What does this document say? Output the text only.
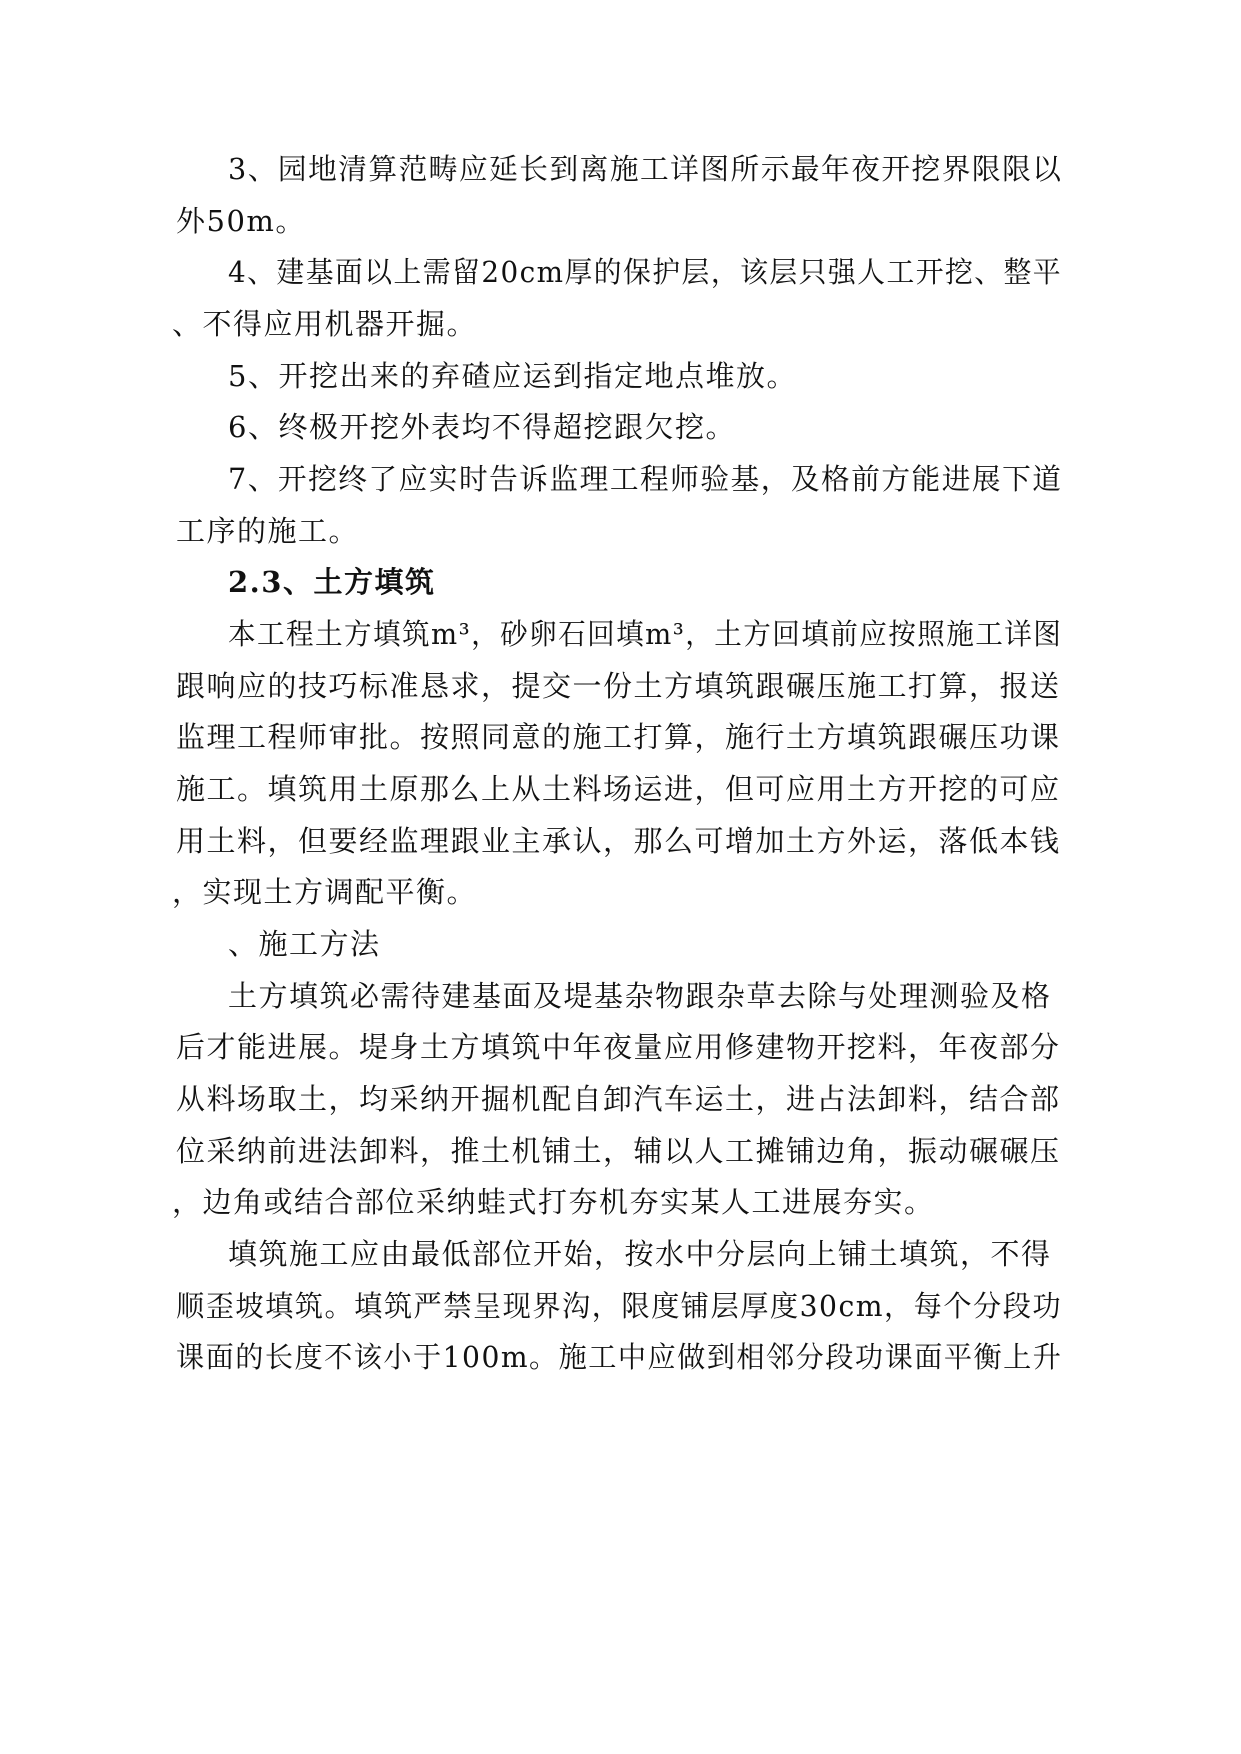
3、园地清算范畴应延长到离施工详图所示最年夜开挖界限限以
外50m。
4、建基面以上需留20cm厚的保护层，该层只强人工开挖、整平
、不得应用机器开掘。
5、开挖出来的弃碴应运到指定地点堆放。
6、终极开挖外表均不得超挖跟欠挖。
7、开挖终了应实时告诉监理工程师验基，及格前方能进展下道
工序的施工。
2.3、土方填筑
本工程土方填筑m³，砂卵石回填m³，土方回填前应按照施工详图
跟响应的技巧标准恳求，提交一份土方填筑跟碾压施工打算，报送
监理工程师审批。按照同意的施工打算，施行土方填筑跟碾压功课
施工。填筑用土原那么上从土料场运进，但可应用土方开挖的可应
用土料，但要经监理跟业主承认，那么可增加土方外运，落低本钱
，实现土方调配平衡。
、施工方法
土方填筑必需待建基面及堤基杂物跟杂草去除与处理测验及格
后才能进展。堤身土方填筑中年夜量应用修建物开挖料，年夜部分
从料场取土，均采纳开掘机配自卸汽车运土，进占法卸料，结合部
位采纳前进法卸料，推土机铺土，辅以人工摊铺边角，振动碾碾压
，边角或结合部位采纳蛙式打夯机夯实某人工进展夯实。
填筑施工应由最低部位开始，按水中分层向上铺土填筑，不得
顺歪坡填筑。填筑严禁呈现界沟，限度铺层厚度30cm，每个分段功
课面的长度不该小于100m。施工中应做到相邻分段功课面平衡上升
